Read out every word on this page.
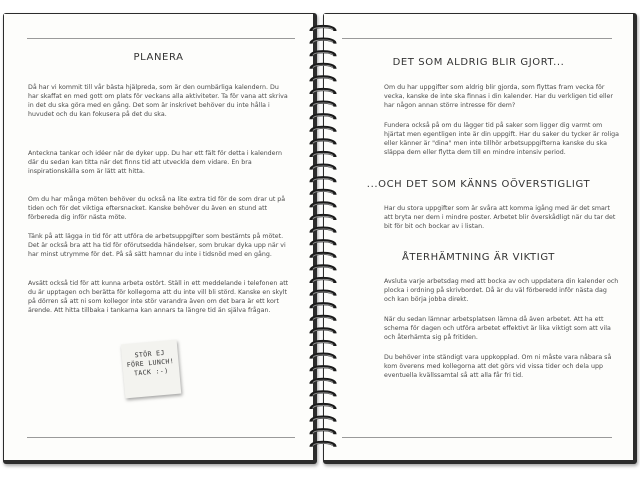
PLANERA

Då har vi kommit till vår bästa hjälpreda, som är den oumbärliga kalendern. Du har skaffat en med gott om plats för veckans alla aktiviteter. Ta för vana att skriva in det du ska göra med en gång. Det som är inskrivet behöver du inte hålla i huvudet och du kan fokusera på det du ska.

Anteckna tankar och idéer när de dyker upp. Du har ett fält för detta i kalendern där du sedan kan titta när det finns tid att utveckla dem vidare. En bra inspirationskälla som är lätt att hitta.

Om du har många möten behöver du också na lite extra tid för de som drar ut på tiden och för det viktiga eftersnacket. Kanske behöver du även en stund att förbereda dig inför nästa möte.

Tänk på att lägga in tid för att utföra de arbetsuppgifter som bestämts på mötet. Det är också bra att ha tid för oförutsedda händelser, som brukar dyka upp när vi har minst utrymme för det. På så sätt hamnar du inte i tidsnöd med en gång.

Avsätt också tid för att kunna arbeta ostört. Ställ in ett meddelande i telefonen att du är upptagen och berätta för kollegorna att du inte vill bli störd. Kanske en skylt på dörren så att ni som kollegor inte stör varandra även om det bara är ett kort ärende. Att hitta tillbaka i tankarna kan annars ta längre tid än själva frågan.

STÖR EJ
FÖRE LUNCH!
TACK :-)
DET SOM ALDRIG BLIR GJORT...

Om du har uppgifter som aldrig blir gjorda, som flyttas fram vecka för vecka, kanske de inte ska finnas i din kalender. Har du verkligen tid eller har någon annan större intresse för dem?

Fundera också på om du lägger tid på saker som ligger dig varmt om hjärtat men egentligen inte är din uppgift. Har du saker du tycker är roliga eller känner är "dina" men inte tillhör arbetsuppgifterna kanske du ska släppa dem eller flytta dem till en mindre intensiv period.

...OCH DET SOM KÄNNS OÖVERSTIGLIGT

Har du stora uppgifter som är svåra att komma igång med är det smart att bryta ner dem i mindre poster. Arbetet blir överskådligt när du tar det bit för bit och bockar av i listan.

ÅTERHÄMTNING ÄR VIKTIGT

Avsluta varje arbetsdag med att bocka av och uppdatera din kalender och plocka i ordning på skrivbordet. Då är du väl förberedd inför nästa dag och kan börja jobba direkt.

När du sedan lämnar arbetsplatsen lämna då även arbetet. Att ha ett schema för dagen och utföra arbetet effektivt är lika viktigt som att vila och återhämta sig på fritiden.

Du behöver inte ständigt vara uppkopplad. Om ni måste vara nåbara så kom överens med kollegorna att det görs vid vissa tider och dela upp eventuella kvällssamtal så att alla får fri tid.
